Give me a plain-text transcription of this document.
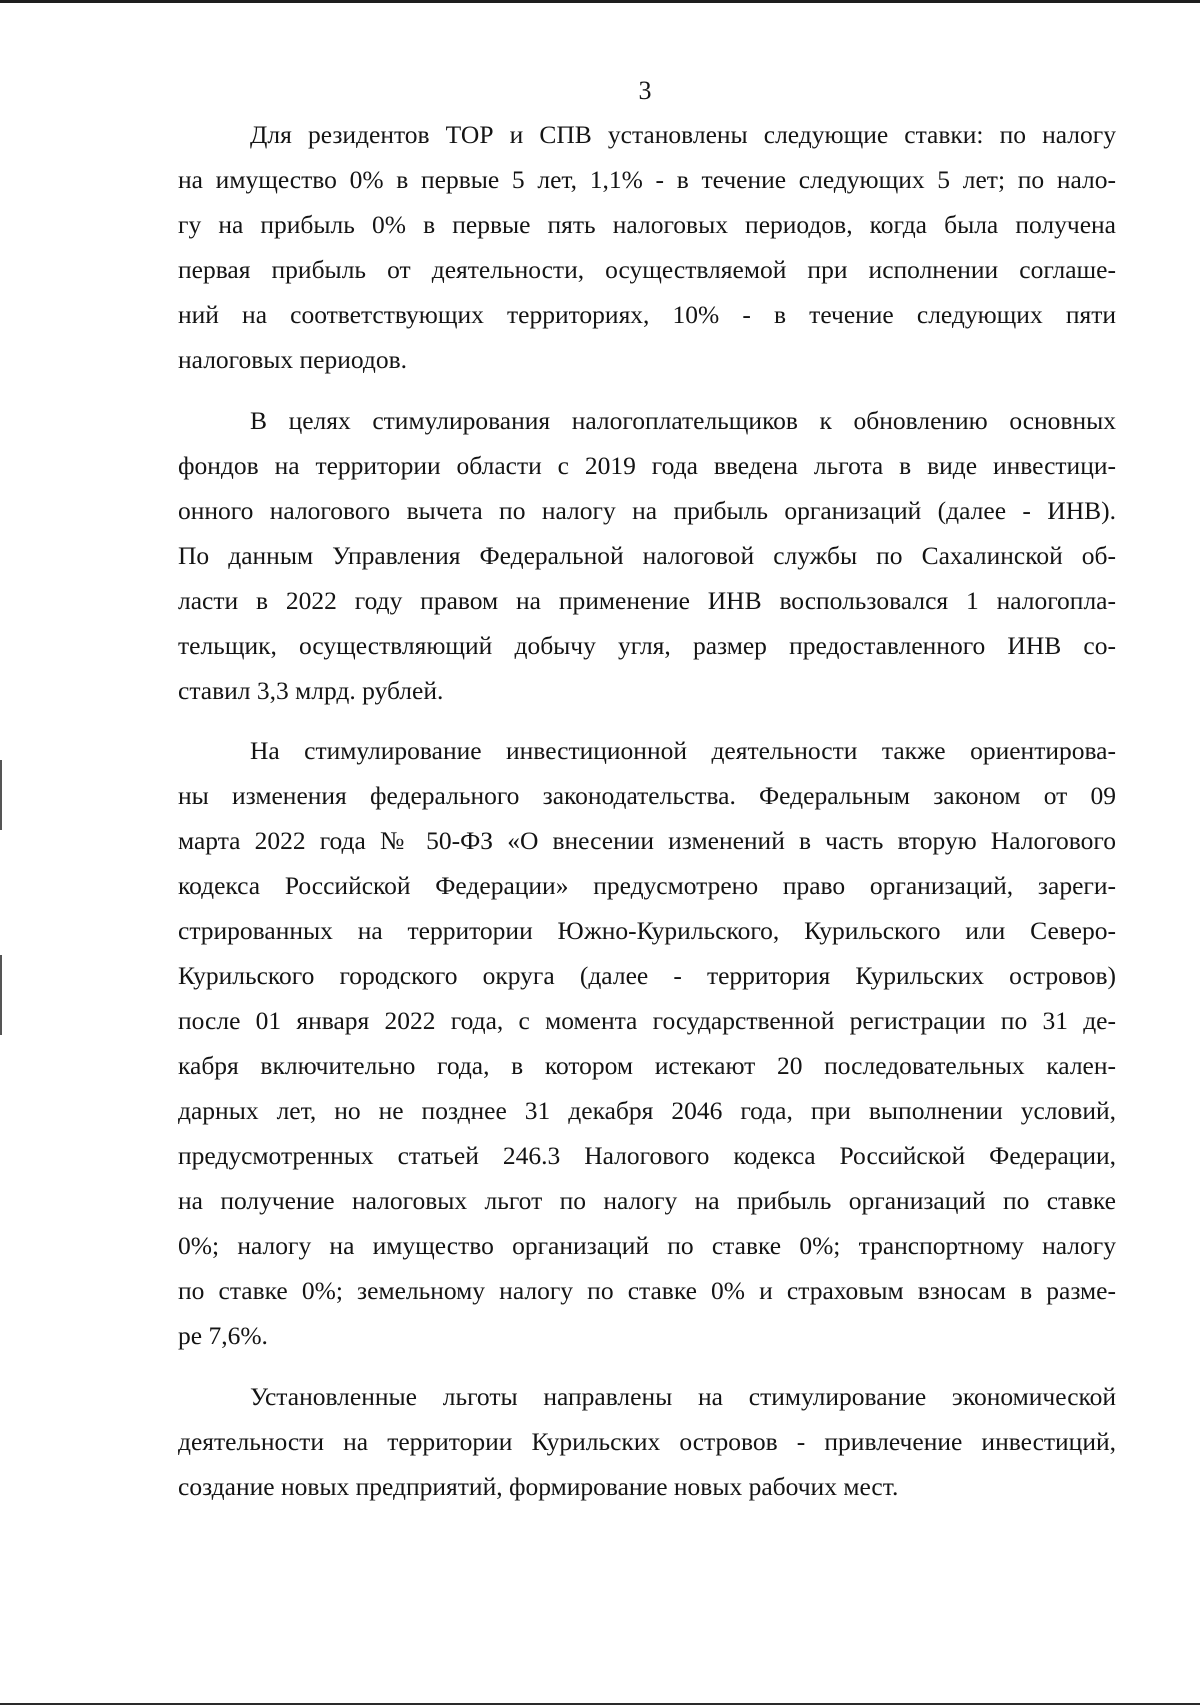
3
Для резидентов ТОР и СПВ установлены следующие ставки: по налогу
на имущество 0% в первые 5 лет, 1,1% - в течение следующих 5 лет; по нало-
гу на прибыль 0% в первые пять налоговых периодов, когда была получена
первая прибыль от деятельности, осуществляемой при исполнении соглаше-
ний на соответствующих территориях, 10% - в течение следующих пяти
налоговых периодов.
В целях стимулирования налогоплательщиков к обновлению основных
фондов на территории области с 2019 года введена льгота в виде инвестици-
онного налогового вычета по налогу на прибыль организаций (далее - ИНВ).
По данным Управления Федеральной налоговой службы по Сахалинской об-
ласти в 2022 году правом на применение ИНВ воспользовался 1 налогопла-
тельщик, осуществляющий добычу угля, размер предоставленного ИНВ со-
ставил 3,3 млрд. рублей.
На стимулирование инвестиционной деятельности также ориентирова-
ны изменения федерального законодательства. Федеральным законом от 09
марта 2022 года № 50-ФЗ «О внесении изменений в часть вторую Налогового
кодекса Российской Федерации» предусмотрено право организаций, зареги-
стрированных на территории Южно-Курильского, Курильского или Северо-
Курильского городского округа (далее - территория Курильских островов)
после 01 января 2022 года, с момента государственной регистрации по 31 де-
кабря включительно года, в котором истекают 20 последовательных кален-
дарных лет, но не позднее 31 декабря 2046 года, при выполнении условий,
предусмотренных статьей 246.3 Налогового кодекса Российской Федерации,
на получение налоговых льгот по налогу на прибыль организаций по ставке
0%; налогу на имущество организаций по ставке 0%; транспортному налогу
по ставке 0%; земельному налогу по ставке 0% и страховым взносам в разме-
ре 7,6%.
Установленные льготы направлены на стимулирование экономической
деятельности на территории Курильских островов - привлечение инвестиций,
создание новых предприятий, формирование новых рабочих мест.
